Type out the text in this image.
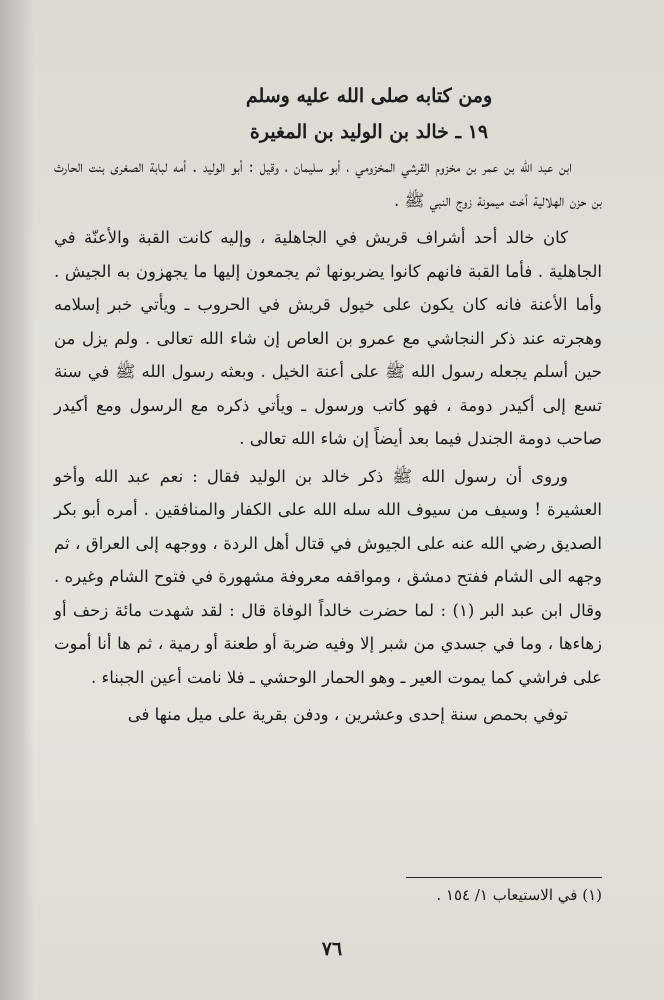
ومن كتابه صلى الله عليه وسلم
١٩ ـ خالد بن الوليد بن المغيرة

ابن عبد الله بن عمر بن مخزوم القرشي المخزومي ، أبو سليمان ، وقيل : أبو الوليد . أمه لبابة الصغرى بنت الحارث بن حزن الهلالية أخت ميمونة زوج النبي ﷺ .

كان خالد أحد أشراف قريش في الجاهلية ، وإليه كانت القبة والأعنّة في الجاهلية . فأما القبة فانهم كانوا يضربونها ثم يجمعون إليها ما يجهزون به الجيش . وأما الأعنة فانه كان يكون على خيول قريش في الحروب ـ ويأتي خبر إسلامه وهجرته عند ذكر النجاشي مع عمرو بن العاص إن شاء الله تعالى . ولم يزل من حين أسلم يجعله رسول الله ﷺ على أعنة الخيل . وبعثه رسول الله ﷺ في سنة تسع إلى أكيدر دومة ، فهو كاتب ورسول ـ ويأتي ذكره مع الرسول ومع أكيدر صاحب دومة الجندل فيما بعد أيضاً إن شاء الله تعالى .

وروى أن رسول الله ﷺ ذكر خالد بن الوليد فقال : نعم عبد الله وأخو العشيرة ! وسيف من سيوف الله سله الله على الكفار والمنافقين . أمره أبو بكر الصديق رضي الله عنه على الجيوش في قتال أهل الردة ، ووجهه إلى العراق ، ثم وجهه الى الشام ففتح دمشق ، ومواقفه معروفة مشهورة في فتوح الشام وغيره . وقال ابن عبد البر (١) : لما حضرت خالداً الوفاة قال : لقد شهدت مائة زحف أو زهاءها ، وما في جسدي من شبر إلا وفيه ضربة أو طعنة أو رمية ، ثم ها أنا أموت على فراشي كما يموت العير ـ وهو الحمار الوحشي ـ فلا نامت أعين الجبناء .

توفي بحمص سنة إحدى وعشرين ، ودفن بقرية على ميل منها فى

(١) في الاستيعاب ١/ ١٥٤ .
٧٦
